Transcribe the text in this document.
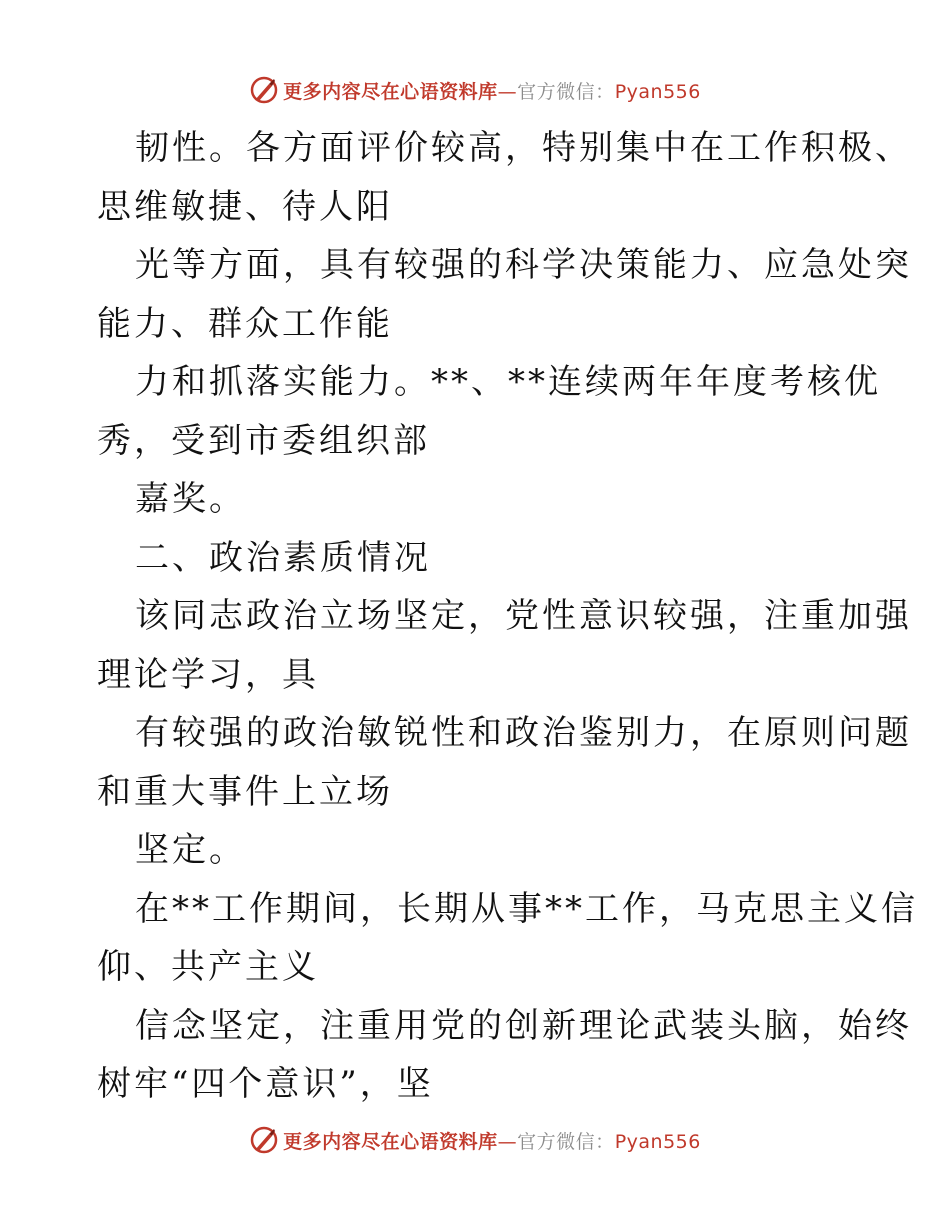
更多内容尽在心语资料库—官方微信：Pyan556
韧性。各方面评价较高，特别集中在工作积极、
思维敏捷、待人阳
光等方面，具有较强的科学决策能力、应急处突
能力、群众工作能
力和抓落实能力。**、**连续两年年度考核优
秀，受到市委组织部
嘉奖。
二、政治素质情况
该同志政治立场坚定，党性意识较强，注重加强
理论学习，具
有较强的政治敏锐性和政治鉴别力，在原则问题
和重大事件上立场
坚定。
在**工作期间，长期从事**工作，马克思主义信
仰、共产主义
信念坚定，注重用党的创新理论武装头脑，始终
树牢“四个意识”，坚
更多内容尽在心语资料库—官方微信：Pyan556
